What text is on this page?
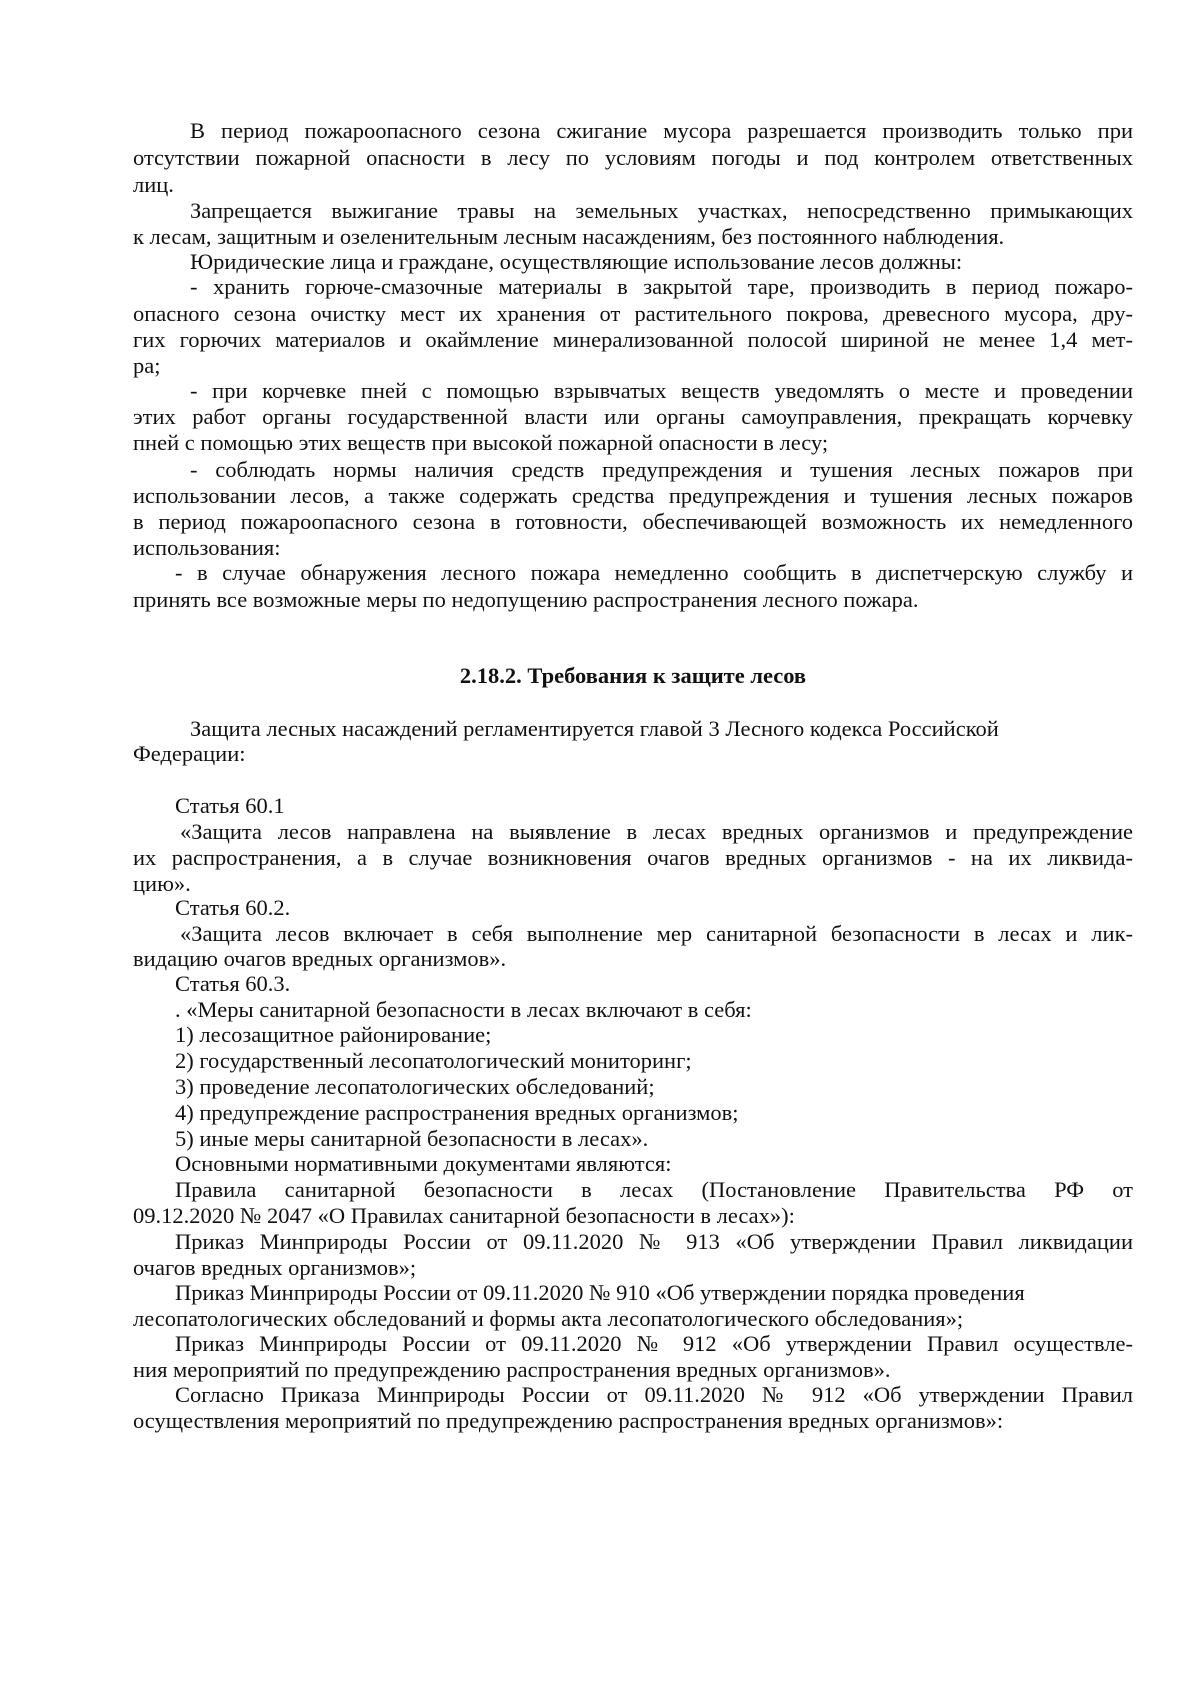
В период пожароопасного сезона сжигание мусора разрешается производить только при
отсутствии пожарной опасности в лесу по условиям погоды и под контролем ответственных
лиц.
Запрещается выжигание травы на земельных участках, непосредственно примыкающих
к лесам, защитным и озеленительным лесным насаждениям, без постоянного наблюдения.
Юридические лица и граждане, осуществляющие использование лесов должны:
- хранить горюче-смазочные материалы в закрытой таре, производить в период пожаро-
опасного сезона очистку мест их хранения от растительного покрова, древесного мусора, дру-
гих горючих материалов и окаймление минерализованной полосой шириной не менее 1,4 мет-
ра;
- при корчевке пней с помощью взрывчатых веществ уведомлять о месте и проведении
этих работ органы государственной власти или органы самоуправления, прекращать корчевку
пней с помощью этих веществ при высокой пожарной опасности в лесу;
- соблюдать нормы наличия средств предупреждения и тушения лесных пожаров при
использовании лесов, а также содержать средства предупреждения и тушения лесных пожаров
в период пожароопасного сезона в готовности, обеспечивающей возможность их немедленного
использования:
- в случае обнаружения лесного пожара немедленно сообщить в диспетчерскую службу и
принять все возможные меры по недопущению распространения лесного пожара.
2.18.2. Требования к защите лесов
Защита лесных насаждений регламентируется главой 3 Лесного кодекса Российской
Федерации:
Статья 60.1
«Защита лесов направлена на выявление в лесах вредных организмов и предупреждение
их распространения, а в случае возникновения очагов вредных организмов - на их ликвида-
цию».
Статья 60.2.
«Защита лесов включает в себя выполнение мер санитарной безопасности в лесах и лик-
видацию очагов вредных организмов».
Статья 60.3.
. «Меры санитарной безопасности в лесах включают в себя:
1) лесозащитное районирование;
2) государственный лесопатологический мониторинг;
3) проведение лесопатологических обследований;
4) предупреждение распространения вредных организмов;
5) иные меры санитарной безопасности в лесах».
Основными нормативными документами являются:
Правила санитарной безопасности в лесах (Постановление Правительства РФ от
09.12.2020 № 2047 «О Правилах санитарной безопасности в лесах»):
Приказ Минприроды России от 09.11.2020 № 913 «Об утверждении Правил ликвидации
очагов вредных организмов»;
Приказ Минприроды России от 09.11.2020 № 910 «Об утверждении порядка проведения
лесопатологических обследований и формы акта лесопатологического обследования»;
Приказ Минприроды России от 09.11.2020 № 912 «Об утверждении Правил осуществле-
ния мероприятий по предупреждению распространения вредных организмов».
Согласно Приказа Минприроды России от 09.11.2020 № 912 «Об утверждении Правил
осуществления мероприятий по предупреждению распространения вредных организмов»:
